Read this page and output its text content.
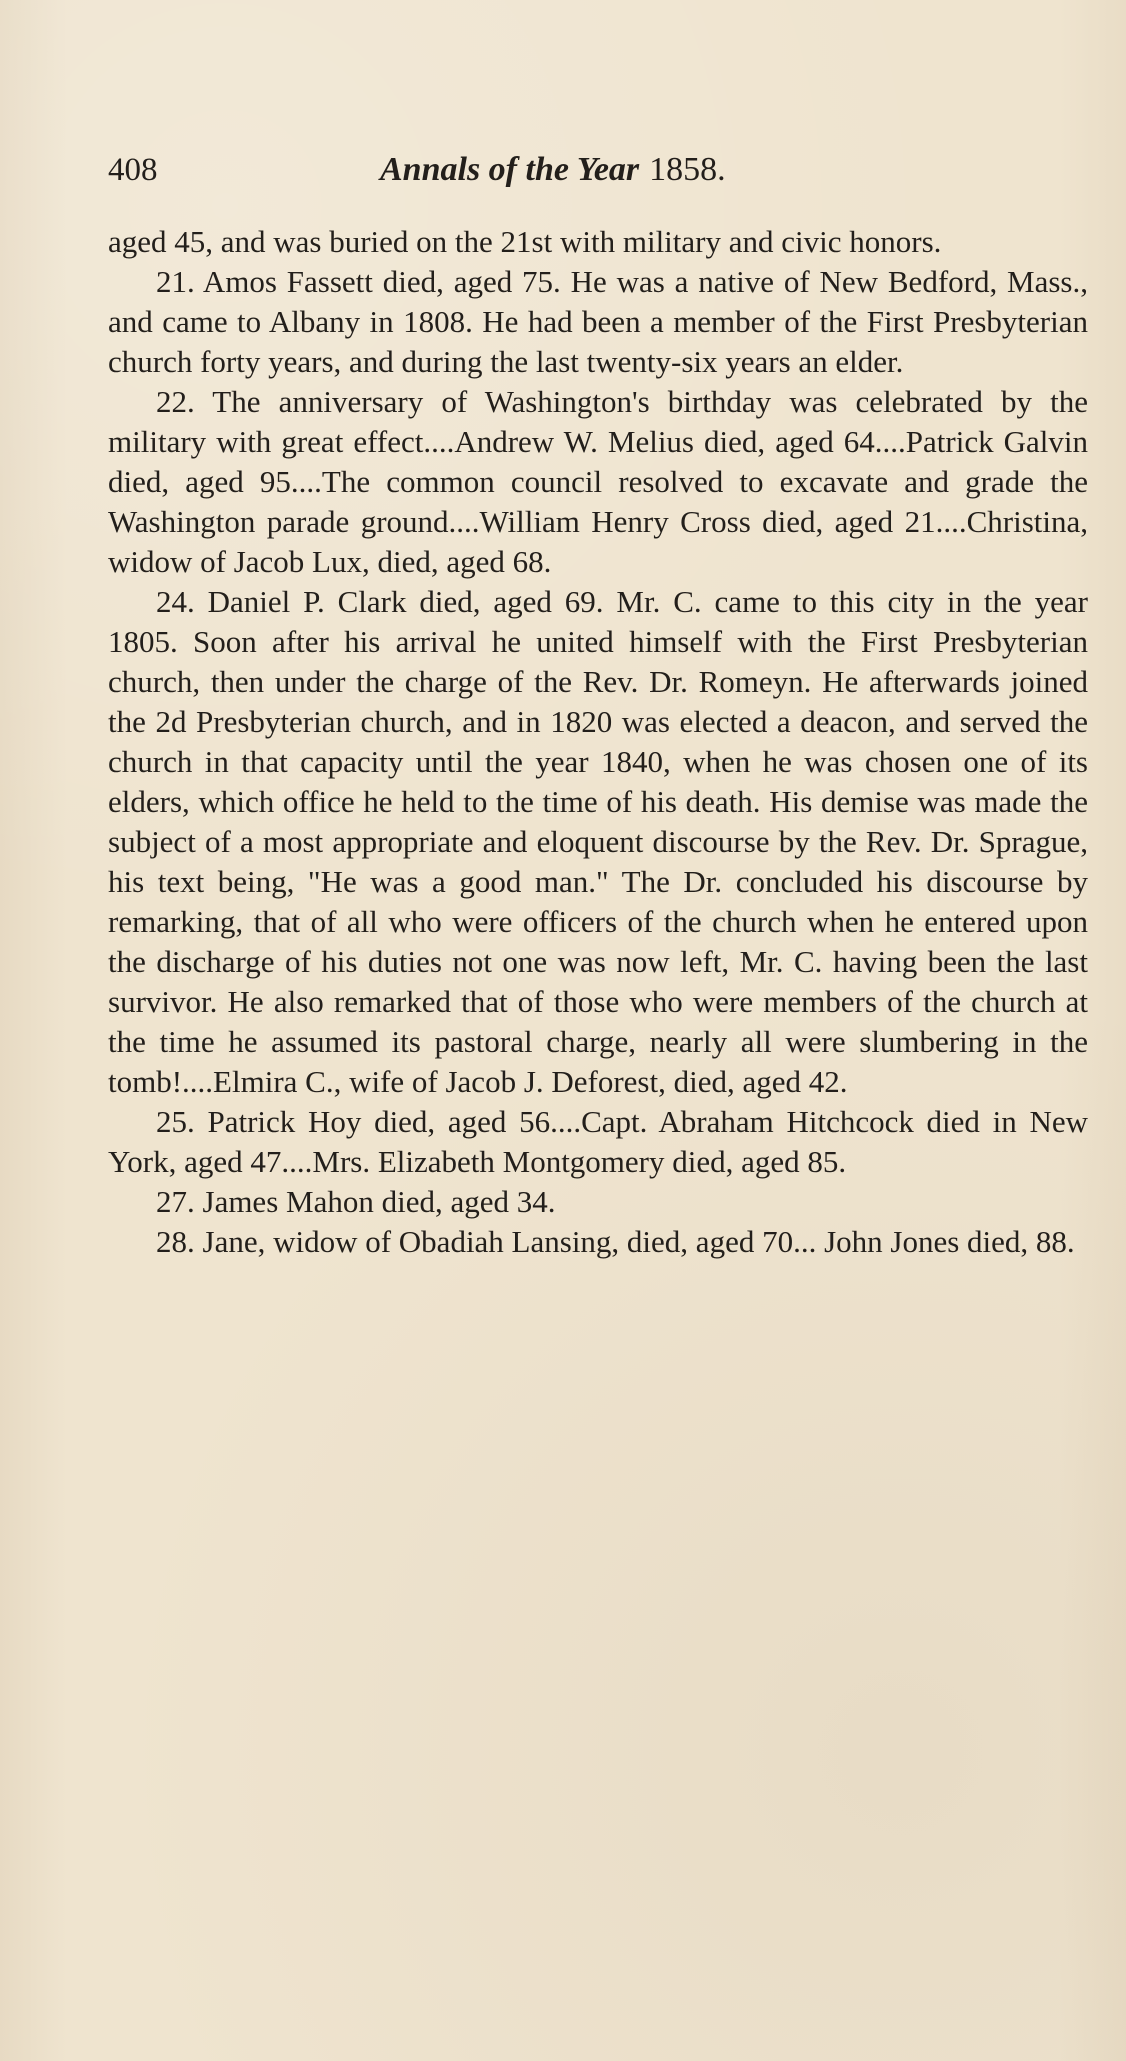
408	Annals of the Year 1858.

aged 45, and was buried on the 21st with military and civic honors.

21. Amos Fassett died, aged 75. He was a native of New Bedford, Mass., and came to Albany in 1808. He had been a member of the First Presbyterian church forty years, and during the last twenty-six years an elder.

22. The anniversary of Washington's birthday was celebrated by the military with great effect....Andrew W. Melius died, aged 64....Patrick Galvin died, aged 95....The common council resolved to excavate and grade the Washington parade ground....William Henry Cross died, aged 21....Christina, widow of Jacob Lux, died, aged 68.

24. Daniel P. Clark died, aged 69. Mr. C. came to this city in the year 1805. Soon after his arrival he united himself with the First Presbyterian church, then under the charge of the Rev. Dr. Romeyn. He afterwards joined the 2d Presbyterian church, and in 1820 was elected a deacon, and served the church in that capacity until the year 1840, when he was chosen one of its elders, which office he held to the time of his death. His demise was made the subject of a most appropriate and eloquent discourse by the Rev. Dr. Sprague, his text being, "He was a good man." The Dr. concluded his discourse by remarking, that of all who were officers of the church when he entered upon the discharge of his duties not one was now left, Mr. C. having been the last survivor. He also remarked that of those who were members of the church at the time he assumed its pastoral charge, nearly all were slumbering in the tomb!....Elmira C., wife of Jacob J. Deforest, died, aged 42.

25. Patrick Hoy died, aged 56....Capt. Abraham Hitchcock died in New York, aged 47....Mrs. Elizabeth Montgomery died, aged 85.

27. James Mahon died, aged 34.

28. Jane, widow of Obadiah Lansing, died, aged 70... John Jones died, 88.
